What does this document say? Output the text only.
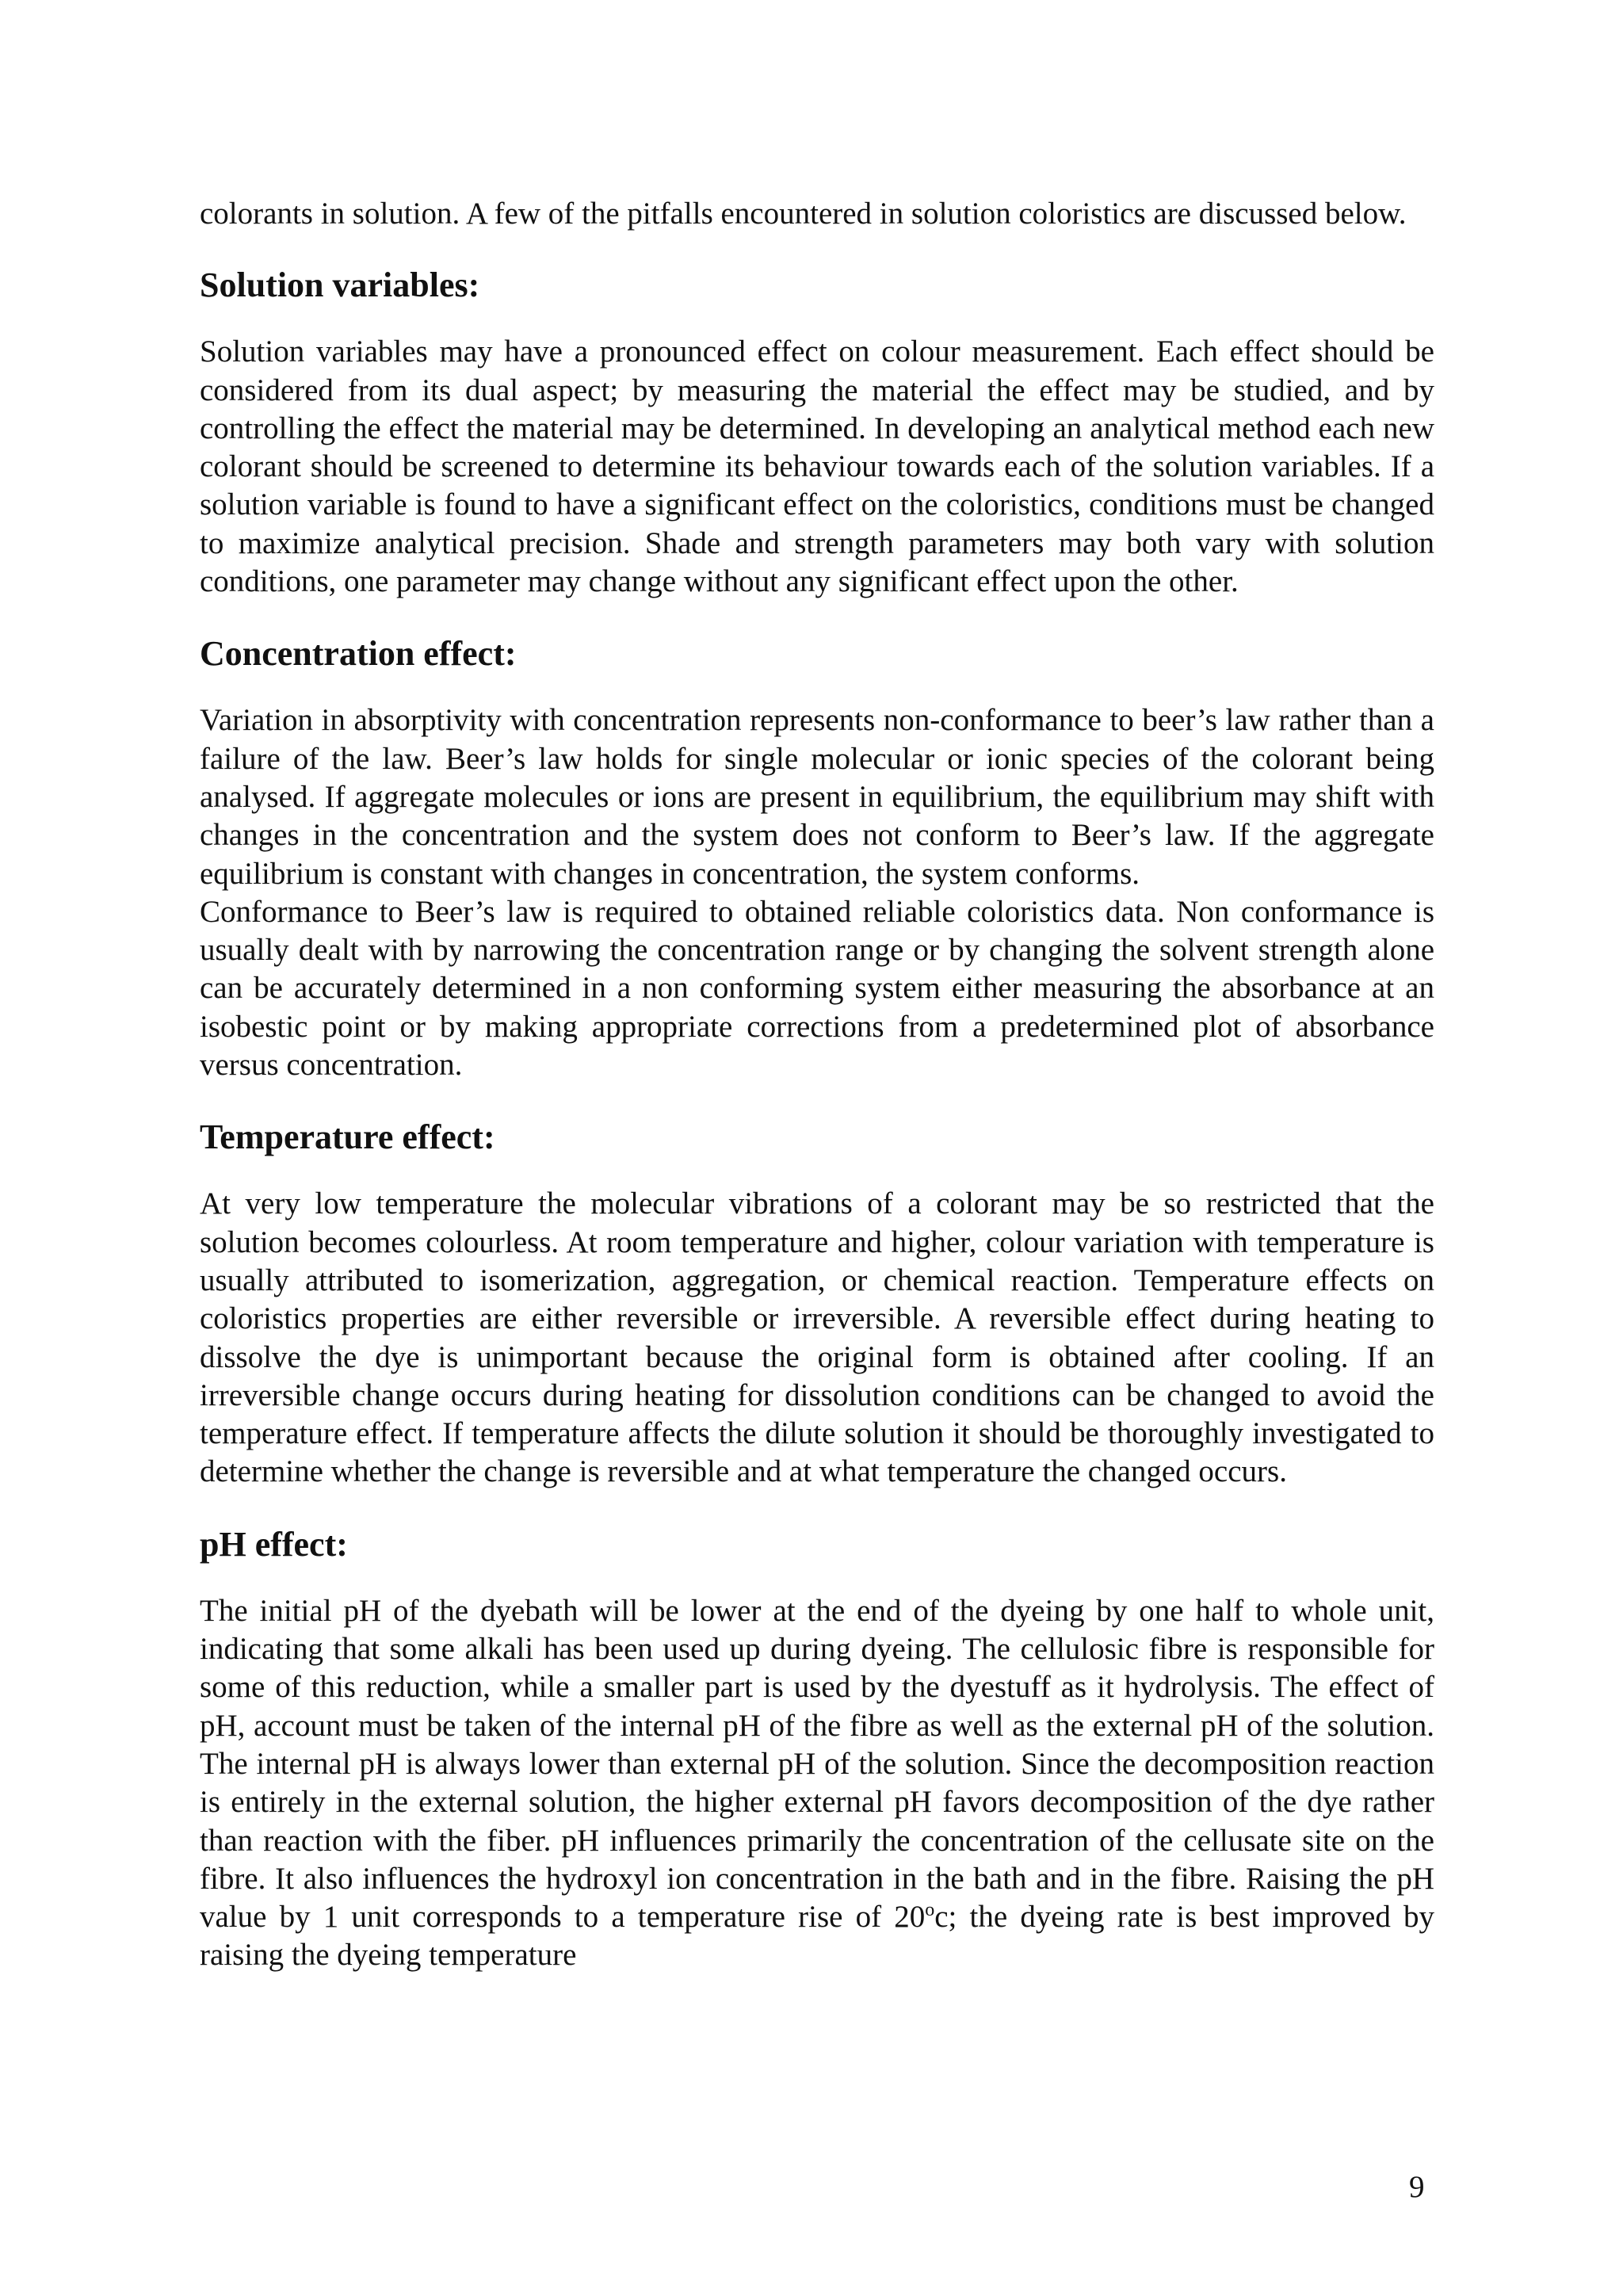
colorants in solution. A few of the pitfalls encountered in solution coloristics are discussed below.

Solution variables:

Solution variables may have a pronounced effect on colour measurement. Each effect should be considered from its dual aspect; by measuring the material the effect may be studied, and by controlling the effect the material may be determined. In developing an analytical method each new colorant should be screened to determine its behaviour towards each of the solution variables. If a solution variable is found to have a significant effect on the coloristics, conditions must be changed to maximize analytical precision. Shade and strength parameters may both vary with solution conditions, one parameter may change without any significant effect upon the other.

Concentration effect:

Variation in absorptivity with concentration represents non-conformance to beer’s law rather than a failure of the law. Beer’s law holds for single molecular or ionic species of the colorant being analysed. If aggregate molecules or ions are present in equilibrium, the equilibrium may shift with changes in the concentration and the system does not conform to Beer’s law. If the aggregate equilibrium is constant with changes in concentration, the system conforms.

Conformance to Beer’s law is required to obtained reliable coloristics data. Non conformance is usually dealt with by narrowing the concentration range or by changing the solvent strength alone can be accurately determined in a non conforming system either measuring the absorbance at an isobestic point or by making appropriate corrections from a predetermined plot of absorbance versus concentration.

Temperature effect:

At very low temperature the molecular vibrations of a colorant may be so restricted that the solution becomes colourless. At room temperature and higher, colour variation with temperature is usually attributed to isomerization, aggregation, or chemical reaction. Temperature effects on coloristics properties are either reversible or irreversible. A reversible effect during heating to dissolve the dye is unimportant because the original form is obtained after cooling. If an irreversible change occurs during heating for dissolution conditions can be changed to avoid the temperature effect. If temperature affects the dilute solution it should be thoroughly investigated to determine whether the change is reversible and at what temperature the changed occurs.

pH effect:

The initial pH of the dyebath will be lower at the end of the dyeing by one half to whole unit, indicating that some alkali has been used up during dyeing. The cellulosic fibre is responsible for some of this reduction, while a smaller part is used by the dyestuff as it hydrolysis. The effect of pH, account must be taken of the internal pH of the fibre as well as the external pH of the solution. The internal pH is always lower than external pH of the solution. Since the decomposition reaction is entirely in the external solution, the higher external pH favors decomposition of the dye rather than reaction with the fiber. pH influences primarily the concentration of the cellusate site on the fibre. It also influences the hydroxyl ion concentration in the bath and in the fibre. Raising the pH value by 1 unit corresponds to a temperature rise of 20$^o$c; the dyeing rate is best improved by raising the dyeing temperature

9
